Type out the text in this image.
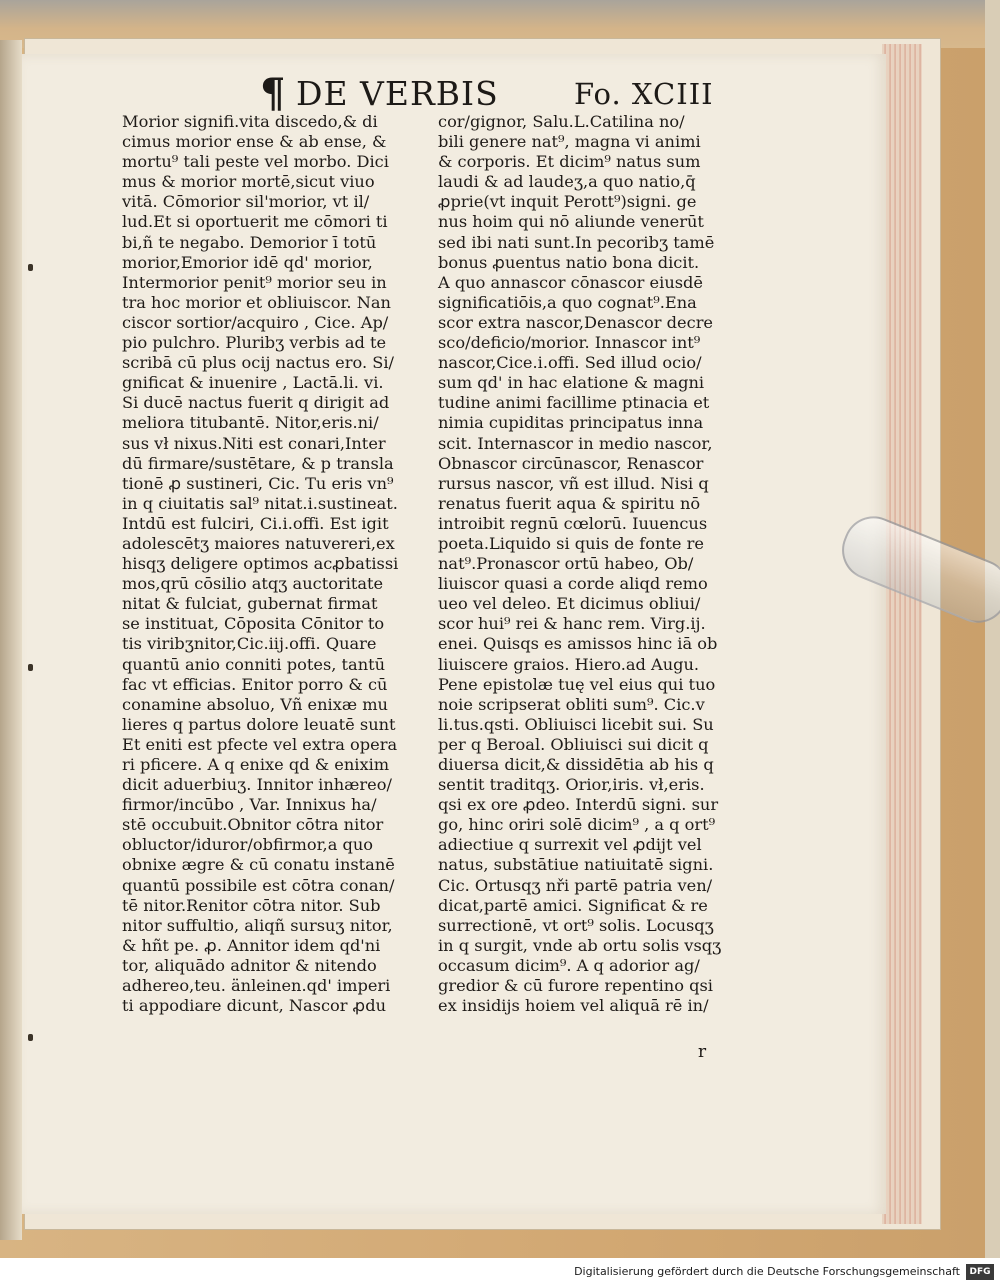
¶ DE VERBIS	Fo. XCIII
Morior signifi.vita discedo,& di
cimus morior ense & ab ense, &
mortu⁹ tali peste vel morbo. Dici
mus & morior mortē,sicut viuo
vitā. Cōmorior sil'morior, vt il/
lud.Et si oportuerit me cōmori ti
bi,ñ te negabo. Demorior ī totū
morior,Emorior idē qd' morior,
Intermorior penit⁹ morior seu in
tra hoc morior et obliuiscor. Nan
ciscor sortior/acquiro , Cice. Ap/
pio pulchro. Pluribʒ verbis ad te
scribā cū plus ocij nactus ero. Si/
gnificat & inuenire , Lactā.li. vi.
Si ducē nactus fuerit q dirigit ad
meliora titubantē. Nitor,eris.ni/
sus vł nixus.Niti est conari,Inter
dū firmare/sustētare, & p transla
tionē ꝓ sustineri, Cic. Tu eris vn⁹
in q ciuitatis sal⁹ nitat.i.sustineat.
Intdū est fulciri, Ci.i.offi. Est igit
adolescētʒ maiores natuvereri,ex
hisqʒ deligere optimos acꝓbatissi
mos,qrū cōsilio atqʒ auctoritate
nitat & fulciat, gubernat firmat
se instituat, Cōposita Cōnitor to
tis viribʒnitor,Cic.iij.offi. Quare
quantū anio conniti potes, tantū
fac vt efficias. Enitor porro & cū
conamine absoluo, Vñ enixæ mu
lieres q partus dolore leuatē sunt
Et eniti est pfecte vel extra opera
ri pficere. A q enixe qd & enixim
dicit aduerbiuʒ. Innitor inhæreo/
firmor/incūbo , Var. Innixus ha/
stē occubuit.Obnitor cōtra nitor
obluctor/iduror/obfirmor,a quo
obnixe ægre & cū conatu instanē
quantū possibile est cōtra conan/
tē nitor.Renitor cōtra nitor. Sub
nitor suffultio, aliqñ sursuʒ nitor,
& hñt pe. ꝓ. Annitor idem qd'ni
tor, aliquādo adnitor & nitendo
adhereo,teu. änleinen.qd' imperi
ti appodiare dicunt, Nascor ꝓdu
cor/gignor, Salu.L.Catilina no/
bili genere nat⁹, magna vi animi
& corporis. Et dicim⁹ natus sum
laudi & ad laudeʒ,a quo natio,q̄
ꝓprie(vt inquit Perott⁹)signi. ge
nus hoim qui nō aliunde venerūt
sed ibi nati sunt.In pecoribʒ tamē
bonus ꝓuentus natio bona dicit.
A quo annascor cōnascor eiusdē
significatiōis,a quo cognat⁹.Ena
scor extra nascor,Denascor decre
sco/deficio/morior. Innascor int⁹
nascor,Cice.i.offi. Sed illud ocio/
sum qd' in hac elatione & magni
tudine animi facillime ptinacia et
nimia cupiditas principatus inna
scit. Internascor in medio nascor,
Obnascor circūnascor, Renascor
rursus nascor, vñ est illud. Nisi q
renatus fuerit aqua & spiritu nō
introibit regnū cœlorū. Iuuencus
poeta.Liquido si quis de fonte re
nat⁹.Pronascor ortū habeo, Ob/
liuiscor quasi a corde aliqd remo
ueo vel deleo. Et dicimus obliui/
scor hui⁹ rei & hanc rem. Virg.ij.
enei. Quisqs es amissos hinc iā ob
liuiscere graios. Hiero.ad Augu.
Pene epistolæ tuę vel eius qui tuo
noie scripserat obliti sum⁹. Cic.v
li.tus.qsti. Obliuisci licebit sui. Su
per q Beroal. Obliuisci sui dicit q
diuersa dicit,& dissidētia ab his q
sentit traditqʒ. Orior,iris. vł,eris.
qsi ex ore ꝓdeo. Interdū signi. sur
go, hinc oriri solē dicim⁹ , a q ort⁹
adiectiue q surrexit vel ꝓdijt vel
natus, substātiue natiuitatē signi.
Cic. Ortusqʒ nři partē patria ven/
dicat,partē amici. Significat & re
surrectionē, vt ort⁹ solis. Locusqʒ
in q surgit, vnde ab ortu solis vsqʒ
occasum dicim⁹. A q adorior ag/
gredior & cū furore repentino qsi
ex insidijs hoiem vel aliquā rē in/
r
Digitalisierung gefördert durch die Deutsche Forschungsgemeinschaft	DFG
